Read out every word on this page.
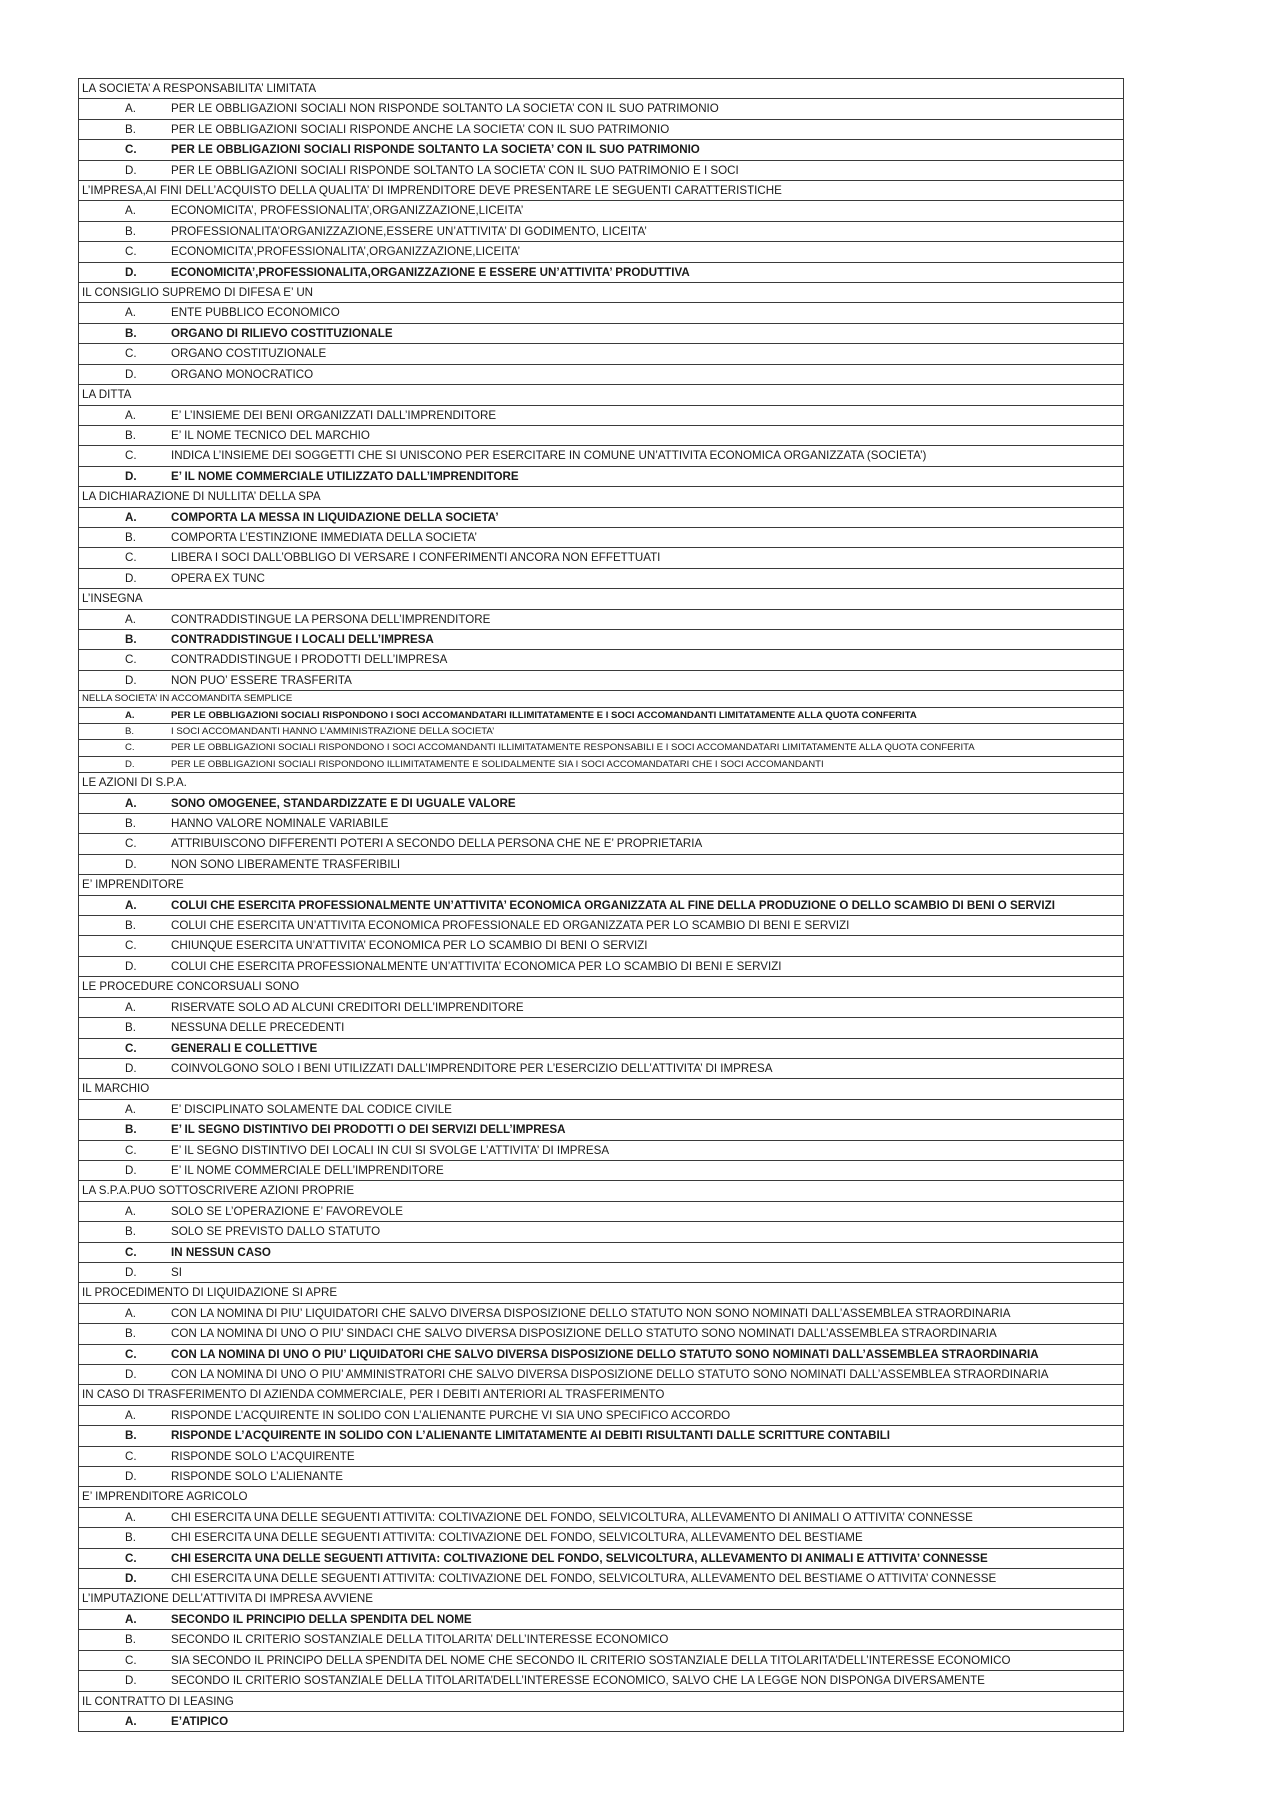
LA SOCIETA’ A RESPONSABILITA’ LIMITATA

A.	PER LE OBBLIGAZIONI SOCIALI NON RISPONDE SOLTANTO LA SOCIETA’ CON IL SUO PATRIMONIO

B.	PER LE OBBLIGAZIONI SOCIALI RISPONDE ANCHE LA SOCIETA’ CON IL SUO PATRIMONIO

C.	PER LE OBBLIGAZIONI SOCIALI RISPONDE SOLTANTO LA SOCIETA’ CON IL SUO PATRIMONIO

D.	PER LE OBBLIGAZIONI SOCIALI RISPONDE SOLTANTO LA SOCIETA’ CON IL SUO PATRIMONIO E I SOCI

L’IMPRESA,AI FINI DELL’ACQUISTO DELLA QUALITA’ DI IMPRENDITORE DEVE PRESENTARE LE SEGUENTI CARATTERISTICHE

A.	ECONOMICITA’, PROFESSIONALITA’,ORGANIZZAZIONE,LICEITA’

B.	PROFESSIONALITA’ORGANIZZAZIONE,ESSERE UN’ATTIVITA’ DI GODIMENTO, LICEITA’

C.	ECONOMICITA’,PROFESSIONALITA’,ORGANIZZAZIONE,LICEITA’

D.	ECONOMICITA’,PROFESSIONALITA,ORGANIZZAZIONE E ESSERE UN’ATTIVITA’ PRODUTTIVA

IL CONSIGLIO SUPREMO DI DIFESA E’ UN

A.	ENTE PUBBLICO ECONOMICO

B.	ORGANO DI RILIEVO COSTITUZIONALE

C.	ORGANO COSTITUZIONALE

D.	ORGANO MONOCRATICO

LA DITTA

A.	E’ L’INSIEME DEI BENI ORGANIZZATI DALL’IMPRENDITORE

B.	E’ IL NOME TECNICO DEL MARCHIO

C.	INDICA L’INSIEME DEI SOGGETTI CHE SI UNISCONO PER ESERCITARE IN COMUNE UN’ATTIVITA ECONOMICA ORGANIZZATA (SOCIETA’)

D.	E’ IL NOME COMMERCIALE UTILIZZATO DALL’IMPRENDITORE

LA DICHIARAZIONE DI NULLITA’ DELLA SPA

A.	COMPORTA LA MESSA IN LIQUIDAZIONE DELLA SOCIETA’

B.	COMPORTA L’ESTINZIONE IMMEDIATA DELLA SOCIETA’

C.	LIBERA I SOCI DALL’OBBLIGO DI VERSARE I CONFERIMENTI ANCORA NON EFFETTUATI

D.	OPERA EX TUNC

L’INSEGNA

A.	CONTRADDISTINGUE LA PERSONA DELL’IMPRENDITORE

B.	CONTRADDISTINGUE I LOCALI DELL’IMPRESA

C.	CONTRADDISTINGUE I PRODOTTI DELL’IMPRESA

D.	NON PUO’ ESSERE TRASFERITA

NELLA SOCIETA’ IN ACCOMANDITA SEMPLICE

A.	PER LE OBBLIGAZIONI SOCIALI RISPONDONO I SOCI ACCOMANDATARI ILLIMITATAMENTE E I SOCI ACCOMANDANTI LIMITATAMENTE ALLA QUOTA CONFERITA

B.	I SOCI ACCOMANDANTI HANNO L’AMMINISTRAZIONE DELLA SOCIETA’

C.	PER LE OBBLIGAZIONI SOCIALI RISPONDONO I SOCI ACCOMANDANTI ILLIMITATAMENTE RESPONSABILI E I SOCI ACCOMANDATARI LIMITATAMENTE ALLA QUOTA CONFERITA

D.	PER LE OBBLIGAZIONI SOCIALI RISPONDONO ILLIMITATAMENTE E SOLIDALMENTE SIA I SOCI ACCOMANDATARI CHE I SOCI ACCOMANDANTI

LE AZIONI DI S.P.A.

A.	SONO OMOGENEE, STANDARDIZZATE E DI UGUALE VALORE

B.	HANNO VALORE NOMINALE VARIABILE

C.	ATTRIBUISCONO DIFFERENTI POTERI A SECONDO DELLA PERSONA CHE NE E’ PROPRIETARIA

D.	NON SONO LIBERAMENTE TRASFERIBILI

E’ IMPRENDITORE

A.	COLUI CHE ESERCITA PROFESSIONALMENTE UN’ATTIVITA’ ECONOMICA ORGANIZZATA AL FINE DELLA PRODUZIONE O DELLO SCAMBIO DI BENI O SERVIZI

B.	COLUI CHE ESERCITA UN’ATTIVITA ECONOMICA PROFESSIONALE ED ORGANIZZATA PER LO SCAMBIO DI BENI E SERVIZI

C.	CHIUNQUE ESERCITA UN’ATTIVITA’ ECONOMICA PER LO SCAMBIO DI BENI O SERVIZI

D.	COLUI CHE ESERCITA PROFESSIONALMENTE UN’ATTIVITA’ ECONOMICA PER LO SCAMBIO DI BENI E SERVIZI

LE PROCEDURE CONCORSUALI SONO

A.	RISERVATE SOLO AD ALCUNI CREDITORI DELL’IMPRENDITORE

B.	NESSUNA DELLE PRECEDENTI

C.	GENERALI E COLLETTIVE

D.	COINVOLGONO SOLO I BENI UTILIZZATI DALL’IMPRENDITORE PER L’ESERCIZIO DELL’ATTIVITA’ DI IMPRESA

IL MARCHIO

A.	E’ DISCIPLINATO SOLAMENTE DAL CODICE CIVILE

B.	E’ IL SEGNO DISTINTIVO DEI PRODOTTI O DEI SERVIZI DELL’IMPRESA

C.	E’ IL SEGNO DISTINTIVO DEI LOCALI IN CUI SI SVOLGE L’ATTIVITA’ DI IMPRESA

D.	E’ IL NOME COMMERCIALE DELL’IMPRENDITORE

LA S.P.A.PUO SOTTOSCRIVERE AZIONI PROPRIE

A.	SOLO SE L’OPERAZIONE E’ FAVOREVOLE

B.	SOLO SE PREVISTO DALLO STATUTO

C.	IN NESSUN CASO

D.	SI

IL PROCEDIMENTO DI LIQUIDAZIONE SI APRE

A.	CON LA NOMINA DI PIU’ LIQUIDATORI CHE SALVO DIVERSA DISPOSIZIONE DELLO STATUTO NON SONO NOMINATI DALL’ASSEMBLEA STRAORDINARIA

B.	CON LA NOMINA DI UNO O PIU’ SINDACI CHE SALVO DIVERSA DISPOSIZIONE DELLO STATUTO SONO NOMINATI DALL’ASSEMBLEA STRAORDINARIA

C.	CON LA NOMINA DI UNO O PIU’ LIQUIDATORI CHE SALVO DIVERSA DISPOSIZIONE DELLO STATUTO SONO NOMINATI DALL’ASSEMBLEA STRAORDINARIA

D.	CON LA NOMINA DI UNO O PIU’ AMMINISTRATORI CHE SALVO DIVERSA DISPOSIZIONE DELLO STATUTO SONO NOMINATI DALL’ASSEMBLEA STRAORDINARIA

IN CASO DI TRASFERIMENTO DI AZIENDA COMMERCIALE, PER I DEBITI ANTERIORI AL TRASFERIMENTO

A.	RISPONDE L’ACQUIRENTE IN SOLIDO CON L’ALIENANTE PURCHE VI SIA UNO SPECIFICO ACCORDO

B.	RISPONDE L’ACQUIRENTE IN SOLIDO CON L’ALIENANTE LIMITATAMENTE AI DEBITI RISULTANTI DALLE SCRITTURE CONTABILI

C.	RISPONDE SOLO L’ACQUIRENTE

D.	RISPONDE SOLO L’ALIENANTE

E’ IMPRENDITORE AGRICOLO

A.	CHI ESERCITA UNA DELLE SEGUENTI ATTIVITA: COLTIVAZIONE DEL FONDO, SELVICOLTURA, ALLEVAMENTO DI ANIMALI O ATTIVITA’ CONNESSE

B.	CHI ESERCITA UNA DELLE SEGUENTI ATTIVITA: COLTIVAZIONE DEL FONDO, SELVICOLTURA, ALLEVAMENTO DEL BESTIAME

C.	CHI ESERCITA UNA DELLE SEGUENTI ATTIVITA: COLTIVAZIONE DEL FONDO, SELVICOLTURA, ALLEVAMENTO DI ANIMALI E ATTIVITA’ CONNESSE

D.	CHI ESERCITA UNA DELLE SEGUENTI ATTIVITA: COLTIVAZIONE DEL FONDO, SELVICOLTURA, ALLEVAMENTO DEL BESTIAME O ATTIVITA’ CONNESSE

L’IMPUTAZIONE DELL’ATTIVITA DI IMPRESA AVVIENE

A.	SECONDO IL PRINCIPIO DELLA SPENDITA DEL NOME

B.	SECONDO IL CRITERIO SOSTANZIALE DELLA TITOLARITA’ DELL’INTERESSE ECONOMICO

C.	SIA SECONDO IL PRINCIPO DELLA SPENDITA DEL NOME CHE SECONDO IL CRITERIO SOSTANZIALE DELLA TITOLARITA’DELL’INTERESSE ECONOMICO

D.	SECONDO IL CRITERIO SOSTANZIALE DELLA TITOLARITA’DELL’INTERESSE ECONOMICO, SALVO CHE LA LEGGE NON DISPONGA DIVERSAMENTE

IL CONTRATTO DI LEASING

A.	E’ATIPICO
